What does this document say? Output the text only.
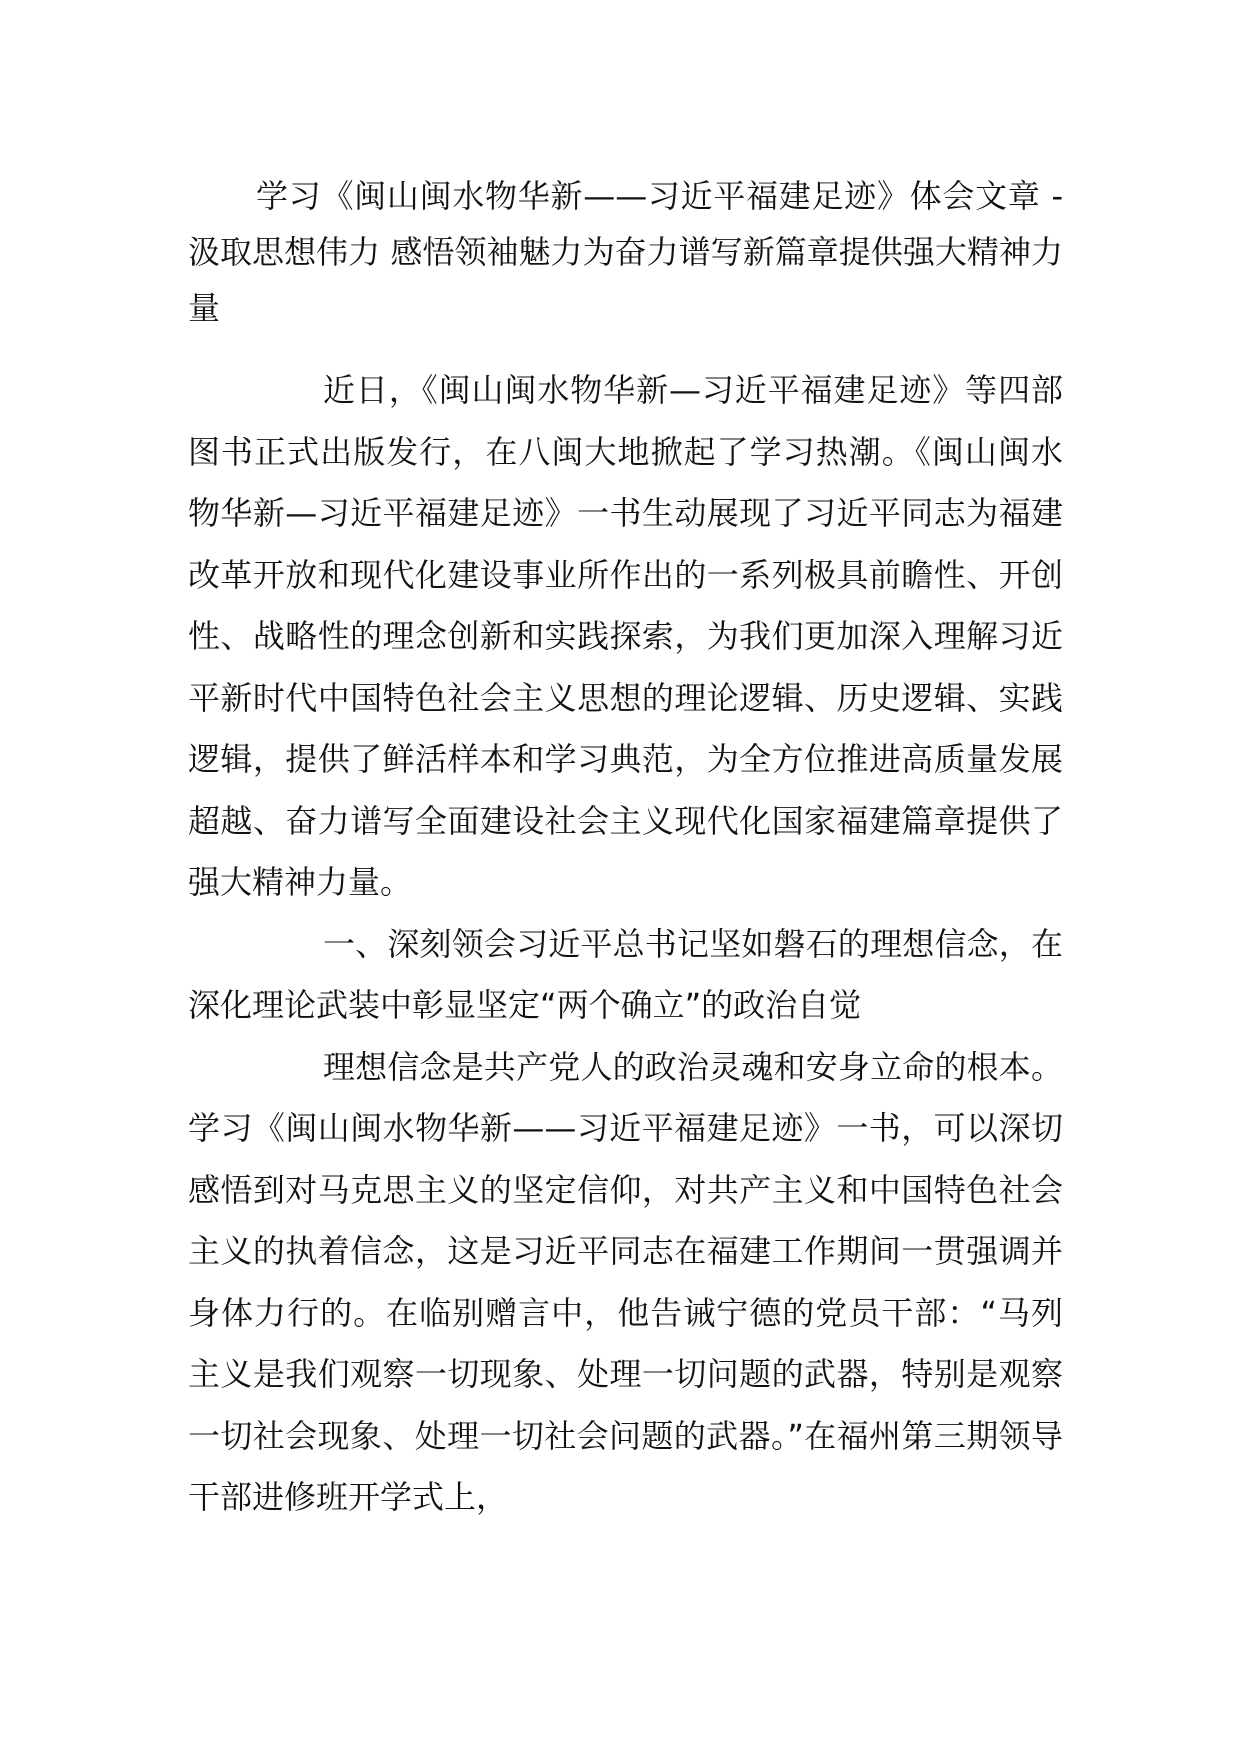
学习《闽山闽水物华新——习近平福建足迹》体会文章 - 汲取思想伟力 感悟领袖魅力为奋力谱写新篇章提供强大精神力量

近日，《闽山闽水物华新—习近平福建足迹》等四部图书正式出版发行，在八闽大地掀起了学习热潮。《闽山闽水物华新—习近平福建足迹》一书生动展现了习近平同志为福建改革开放和现代化建设事业所作出的一系列极具前瞻性、开创性、战略性的理念创新和实践探索，为我们更加深入理解习近平新时代中国特色社会主义思想的理论逻辑、历史逻辑、实践逻辑，提供了鲜活样本和学习典范，为全方位推进高质量发展超越、奋力谱写全面建设社会主义现代化国家福建篇章提供了强大精神力量。

一、深刻领会习近平总书记坚如磐石的理想信念，在深化理论武装中彰显坚定“两个确立”的政治自觉

理想信念是共产党人的政治灵魂和安身立命的根本。学习《闽山闽水物华新——习近平福建足迹》一书，可以深切感悟到对马克思主义的坚定信仰，对共产主义和中国特色社会主义的执着信念，这是习近平同志在福建工作期间一贯强调并身体力行的。在临别赠言中，他告诫宁德的党员干部：“马列主义是我们观察一切现象、处理一切问题的武器，特别是观察一切社会现象、处理一切社会问题的武器。”在福州第三期领导干部进修班开学式上，
